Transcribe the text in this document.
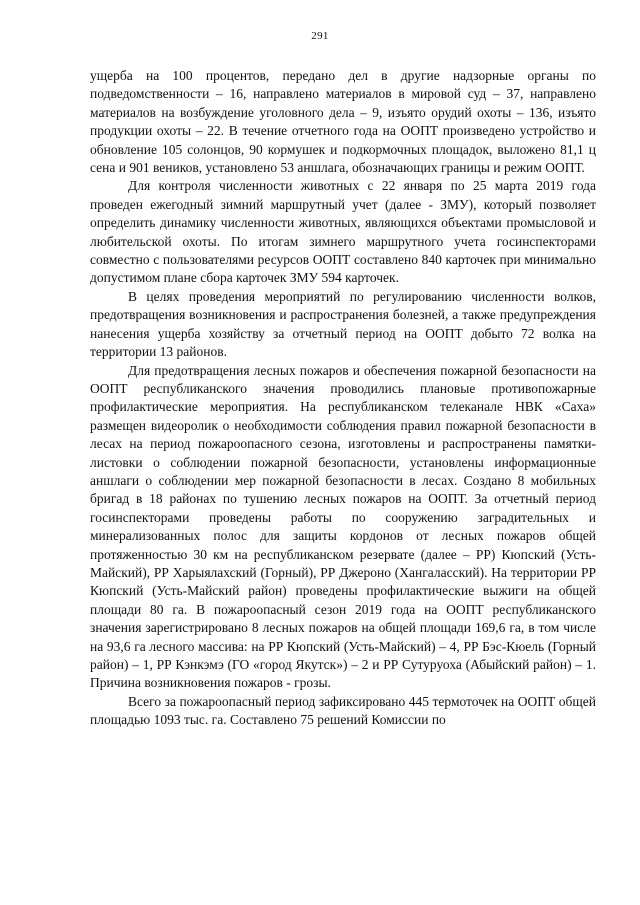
291

ущерба на 100 процентов, передано дел в другие надзорные органы по подведомственности – 16, направлено материалов в мировой суд – 37, направлено материалов на возбуждение уголовного дела – 9, изъято орудий охоты – 136, изъято продукции охоты – 22. В течение отчетного года на ООПТ произведено устройство и обновление 105 солонцов, 90 кормушек и подкормочных площадок, выложено 81,1 ц сена и 901 веников, установлено 53 аншлага, обозначающих границы и режим ООПТ.

Для контроля численности животных с 22 января по 25 марта 2019 года проведен ежегодный зимний маршрутный учет (далее - ЗМУ), который позволяет определить динамику численности животных, являющихся объектами промысловой и любительской охоты. По итогам зимнего маршрутного учета госинспекторами совместно с пользователями ресурсов ООПТ составлено 840 карточек при минимально допустимом плане сбора карточек ЗМУ 594 карточек.

В целях проведения мероприятий по регулированию численности волков, предотвращения возникновения и распространения болезней, а также предупреждения нанесения ущерба хозяйству за отчетный период на ООПТ добыто 72 волка на территории 13 районов.

Для предотвращения лесных пожаров и обеспечения пожарной безопасности на ООПТ республиканского значения проводились плановые противопожарные профилактические мероприятия. На республиканском телеканале НВК «Саха» размещен видеоролик о необходимости соблюдения правил пожарной безопасности в лесах на период пожароопасного сезона, изготовлены и распространены памятки-листовки о соблюдении пожарной безопасности, установлены информационные аншлаги о соблюдении мер пожарной безопасности в лесах. Создано 8 мобильных бригад в 18 районах по тушению лесных пожаров на ООПТ. За отчетный период госинспекторами проведены работы по сооружению заградительных и минерализованных полос для защиты кордонов от лесных пожаров общей протяженностью 30 км на республиканском резервате (далее – РР) Кюпский (Усть-Майский), РР Харыялахский (Горный), РР Джероно (Хангаласский). На территории РР Кюпский (Усть-Майский район) проведены профилактические выжиги на общей площади 80 га. В пожароопасный сезон 2019 года на ООПТ республиканского значения зарегистрировано 8 лесных пожаров на общей площади 169,6 га, в том числе на 93,6 га лесного массива: на РР Кюпский (Усть-Майский) – 4, РР Бэс-Кюель (Горный район) – 1, РР Кэнкэмэ (ГО «город Якутск») – 2 и РР Сутуруоха (Абыйский район) – 1. Причина возникновения пожаров - грозы.

Всего за пожароопасный период зафиксировано 445 термоточек на ООПТ общей площадью 1093 тыс. га. Составлено 75 решений Комиссии по
